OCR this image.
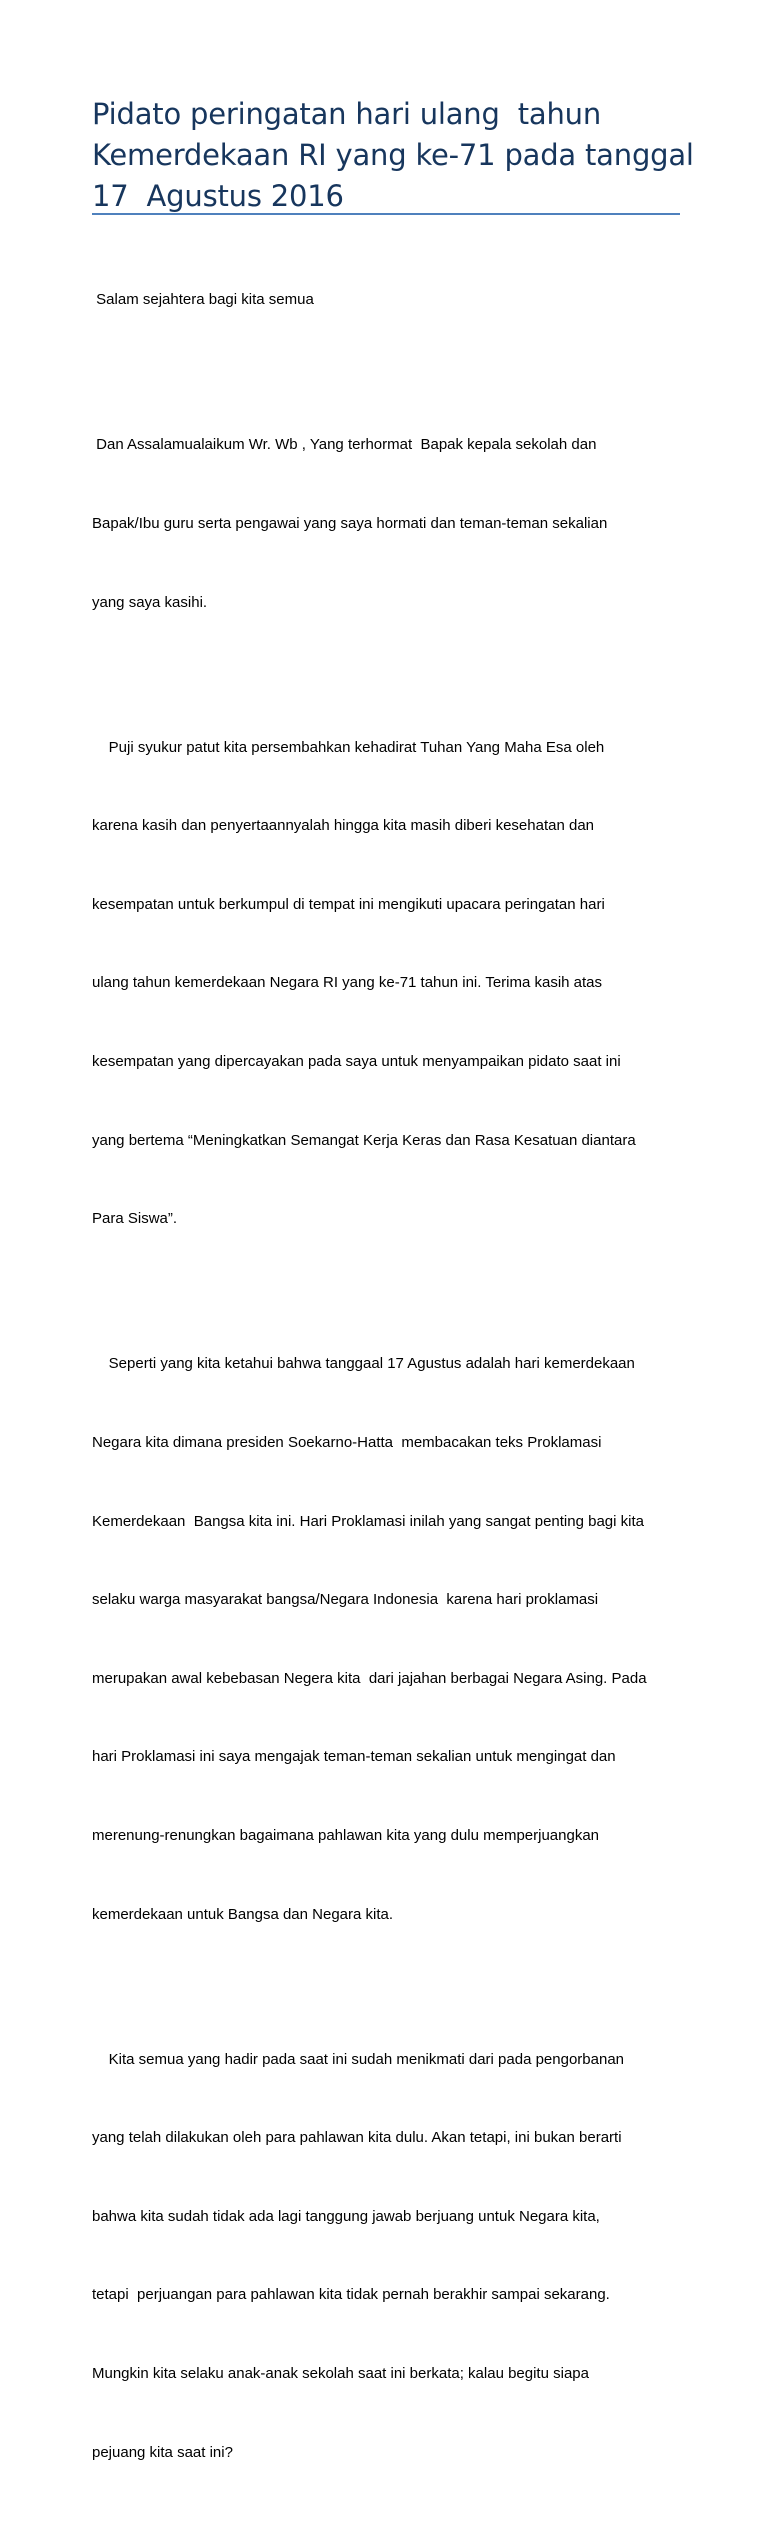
Pidato peringatan hari ulang  tahun
Kemerdekaan RI yang ke-71 pada tanggal
17  Agustus 2016

Salam sejahtera bagi kita semua

Dan Assalamualaikum Wr. Wb , Yang terhormat  Bapak kepala sekolah dan

Bapak/Ibu guru serta pengawai yang saya hormati dan teman-teman sekalian

yang saya kasihi.

Puji syukur patut kita persembahkan kehadirat Tuhan Yang Maha Esa oleh

karena kasih dan penyertaannyalah hingga kita masih diberi kesehatan dan

kesempatan untuk berkumpul di tempat ini mengikuti upacara peringatan hari

ulang tahun kemerdekaan Negara RI yang ke-71 tahun ini. Terima kasih atas

kesempatan yang dipercayakan pada saya untuk menyampaikan pidato saat ini

yang bertema “Meningkatkan Semangat Kerja Keras dan Rasa Kesatuan diantara

Para Siswa”.

Seperti yang kita ketahui bahwa tanggaal 17 Agustus adalah hari kemerdekaan

Negara kita dimana presiden Soekarno-Hatta  membacakan teks Proklamasi

Kemerdekaan  Bangsa kita ini. Hari Proklamasi inilah yang sangat penting bagi kita

selaku warga masyarakat bangsa/Negara Indonesia  karena hari proklamasi

merupakan awal kebebasan Negera kita  dari jajahan berbagai Negara Asing. Pada

hari Proklamasi ini saya mengajak teman-teman sekalian untuk mengingat dan

merenung-renungkan bagaimana pahlawan kita yang dulu memperjuangkan

kemerdekaan untuk Bangsa dan Negara kita.

Kita semua yang hadir pada saat ini sudah menikmati dari pada pengorbanan

yang telah dilakukan oleh para pahlawan kita dulu. Akan tetapi, ini bukan berarti

bahwa kita sudah tidak ada lagi tanggung jawab berjuang untuk Negara kita,

tetapi  perjuangan para pahlawan kita tidak pernah berakhir sampai sekarang.

Mungkin kita selaku anak-anak sekolah saat ini berkata; kalau begitu siapa

pejuang kita saat ini?
